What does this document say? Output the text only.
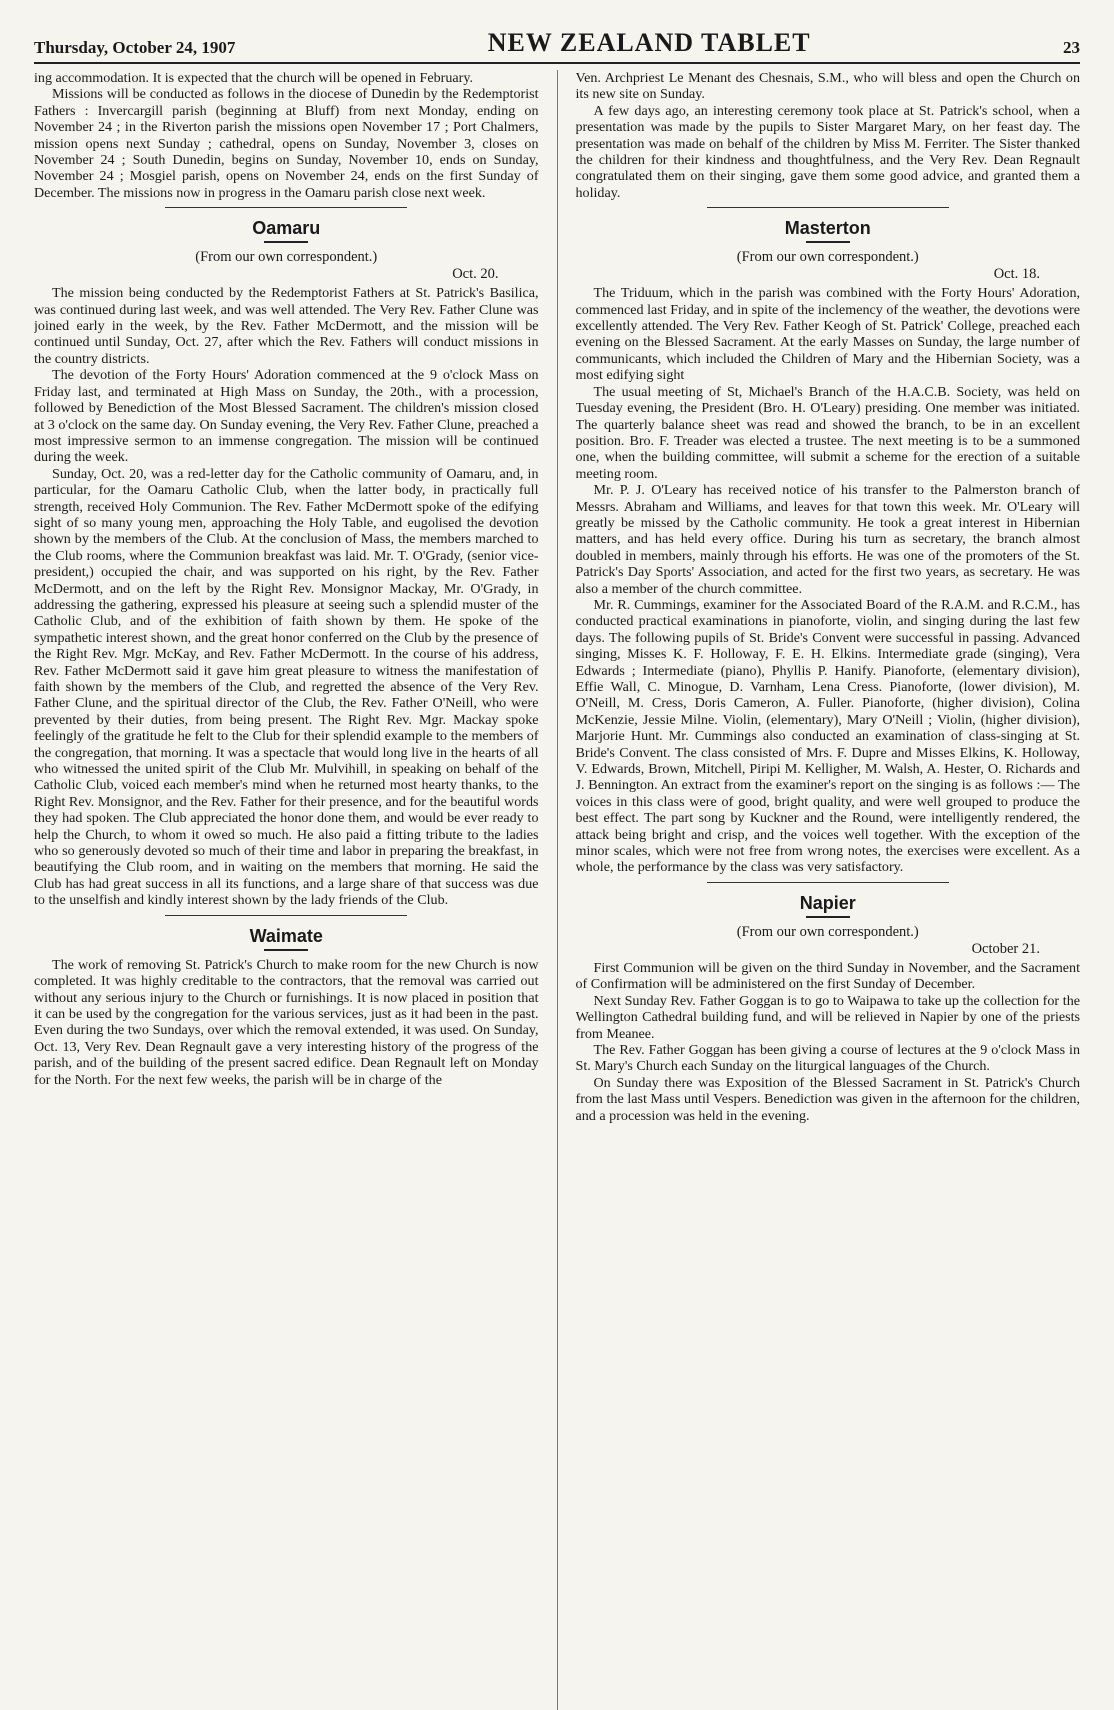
Thursday, October 24, 1907	NEW ZEALAND TABLET	23

ing accommodation. It is expected that the church will be opened in February.

Missions will be conducted as follows in the diocese of Dunedin by the Redemptorist Fathers : Invercargill parish (beginning at Bluff) from next Monday, ending on November 24 ; in the Riverton parish the missions open November 17 ; Port Chalmers, mission opens next Sunday ; cathedral, opens on Sunday, November 3, closes on November 24 ; South Dunedin, begins on Sunday, November 10, ends on Sunday, November 24 ; Mosgiel parish, opens on November 24, ends on the first Sunday of December. The missions now in progress in the Oamaru parish close next week.

Oamaru
(From our own correspondent.)
Oct. 20.

The mission being conducted by the Redemptorist Fathers at St. Patrick's Basilica, was continued during last week, and was well attended. The Very Rev. Father Clune was joined early in the week, by the Rev. Father McDermott, and the mission will be continued until Sunday, Oct. 27, after which the Rev. Fathers will conduct missions in the country districts.

The devotion of the Forty Hours' Adoration commenced at the 9 o'clock Mass on Friday last, and terminated at High Mass on Sunday, the 20th., with a procession, followed by Benediction of the Most Blessed Sacrament. The children's mission closed at 3 o'clock on the same day. On Sunday evening, the Very Rev. Father Clune, preached a most impressive sermon to an immense congregation. The mission will be continued during the week.

Sunday, Oct. 20, was a red-letter day for the Catholic community of Oamaru, and, in particular, for the Oamaru Catholic Club, when the latter body, in practically full strength, received Holy Communion. The Rev. Father McDermott spoke of the edifying sight of so many young men, approaching the Holy Table, and eugolised the devotion shown by the members of the Club. At the conclusion of Mass, the members marched to the Club rooms, where the Communion breakfast was laid. Mr. T. O'Grady, (senior vice-president,) occupied the chair, and was supported on his right, by the Rev. Father McDermott, and on the left by the Right Rev. Monsignor Mackay, Mr. O'Grady, in addressing the gathering, expressed his pleasure at seeing such a splendid muster of the Catholic Club, and of the exhibition of faith shown by them. He spoke of the sympathetic interest shown, and the great honor conferred on the Club by the presence of the Right Rev. Mgr. McKay, and Rev. Father McDermott. In the course of his address, Rev. Father McDermott said it gave him great pleasure to witness the manifestation of faith shown by the members of the Club, and regretted the absence of the Very Rev. Father Clune, and the spiritual director of the Club, the Rev. Father O'Neill, who were prevented by their duties, from being present. The Right Rev. Mgr. Mackay spoke feelingly of the gratitude he felt to the Club for their splendid example to the members of the congregation, that morning. It was a spectacle that would long live in the hearts of all who witnessed the united spirit of the Club Mr. Mulvihill, in speaking on behalf of the Catholic Club, voiced each member's mind when he returned most hearty thanks, to the Right Rev. Monsignor, and the Rev. Father for their presence, and for the beautiful words they had spoken. The Club appreciated the honor done them, and would be ever ready to help the Church, to whom it owed so much. He also paid a fitting tribute to the ladies who so generously devoted so much of their time and labor in preparing the breakfast, in beautifying the Club room, and in waiting on the members that morning. He said the Club has had great success in all its functions, and a large share of that success was due to the unselfish and kindly interest shown by the lady friends of the Club.

Waimate

The work of removing St. Patrick's Church to make room for the new Church is now completed. It was highly creditable to the contractors, that the removal was carried out without any serious injury to the Church or furnishings. It is now placed in position that it can be used by the congregation for the various services, just as it had been in the past. Even during the two Sundays, over which the removal extended, it was used. On Sunday, Oct. 13, Very Rev. Dean Regnault gave a very interesting history of the progress of the parish, and of the building of the present sacred edifice. Dean Regnault left on Monday for the North. For the next few weeks, the parish will be in charge of the

Ven. Archpriest Le Menant des Chesnais, S.M., who will bless and open the Church on its new site on Sunday.

A few days ago, an interesting ceremony took place at St. Patrick's school, when a presentation was made by the pupils to Sister Margaret Mary, on her feast day. The presentation was made on behalf of the children by Miss M. Ferriter. The Sister thanked the children for their kindness and thoughtfulness, and the Very Rev. Dean Regnault congratulated them on their singing, gave them some good advice, and granted them a holiday.

Masterton
(From our own correspondent.)
Oct. 18.

The Triduum, which in the parish was combined with the Forty Hours' Adoration, commenced last Friday, and in spite of the inclemency of the weather, the devotions were excellently attended. The Very Rev. Father Keogh of St. Patrick' College, preached each evening on the Blessed Sacrament. At the early Masses on Sunday, the large number of communicants, which included the Children of Mary and the Hibernian Society, was a most edifying sight

The usual meeting of St, Michael's Branch of the H.A.C.B. Society, was held on Tuesday evening, the President (Bro. H. O'Leary) presiding. One member was initiated. The quarterly balance sheet was read and showed the branch, to be in an excellent position. Bro. F. Treader was elected a trustee. The next meeting is to be a summoned one, when the building committee, will submit a scheme for the erection of a suitable meeting room.

Mr. P. J. O'Leary has received notice of his transfer to the Palmerston branch of Messrs. Abraham and Williams, and leaves for that town this week. Mr. O'Leary will greatly be missed by the Catholic community. He took a great interest in Hibernian matters, and has held every office. During his turn as secretary, the branch almost doubled in members, mainly through his efforts. He was one of the promoters of the St. Patrick's Day Sports' Association, and acted for the first two years, as secretary. He was also a member of the church committee.

Mr. R. Cummings, examiner for the Associated Board of the R.A.M. and R.C.M., has conducted practical examinations in pianoforte, violin, and singing during the last few days. The following pupils of St. Bride's Convent were successful in passing. Advanced singing, Misses K. F. Holloway, F. E. H. Elkins. Intermediate grade (singing), Vera Edwards ; Intermediate (piano), Phyllis P. Hanify. Pianoforte, (elementary division), Effie Wall, C. Minogue, D. Varnham, Lena Cress. Pianoforte, (lower division), M. O'Neill, M. Cress, Doris Cameron, A. Fuller. Pianoforte, (higher division), Colina McKenzie, Jessie Milne. Violin, (elementary), Mary O'Neill ; Violin, (higher division), Marjorie Hunt. Mr. Cummings also conducted an examination of class-singing at St. Bride's Convent. The class consisted of Mrs. F. Dupre and Misses Elkins, K. Holloway, V. Edwards, Brown, Mitchell, Piripi M. Kelligher, M. Walsh, A. Hester, O. Richards and J. Bennington. An extract from the examiner's report on the singing is as follows :— The voices in this class were of good, bright quality, and were well grouped to produce the best effect. The part song by Kuckner and the Round, were intelligently rendered, the attack being bright and crisp, and the voices well together. With the exception of the minor scales, which were not free from wrong notes, the exercises were excellent. As a whole, the performance by the class was very satisfactory.

Napier
(From our own correspondent.)
October 21.

First Communion will be given on the third Sunday in November, and the Sacrament of Confirmation will be administered on the first Sunday of December.

Next Sunday Rev. Father Goggan is to go to Waipawa to take up the collection for the Wellington Cathedral building fund, and will be relieved in Napier by one of the priests from Meanee.

The Rev. Father Goggan has been giving a course of lectures at the 9 o'clock Mass in St. Mary's Church each Sunday on the liturgical languages of the Church.

On Sunday there was Exposition of the Blessed Sacrament in St. Patrick's Church from the last Mass until Vespers. Benediction was given in the afternoon for the children, and a procession was held in the evening.
